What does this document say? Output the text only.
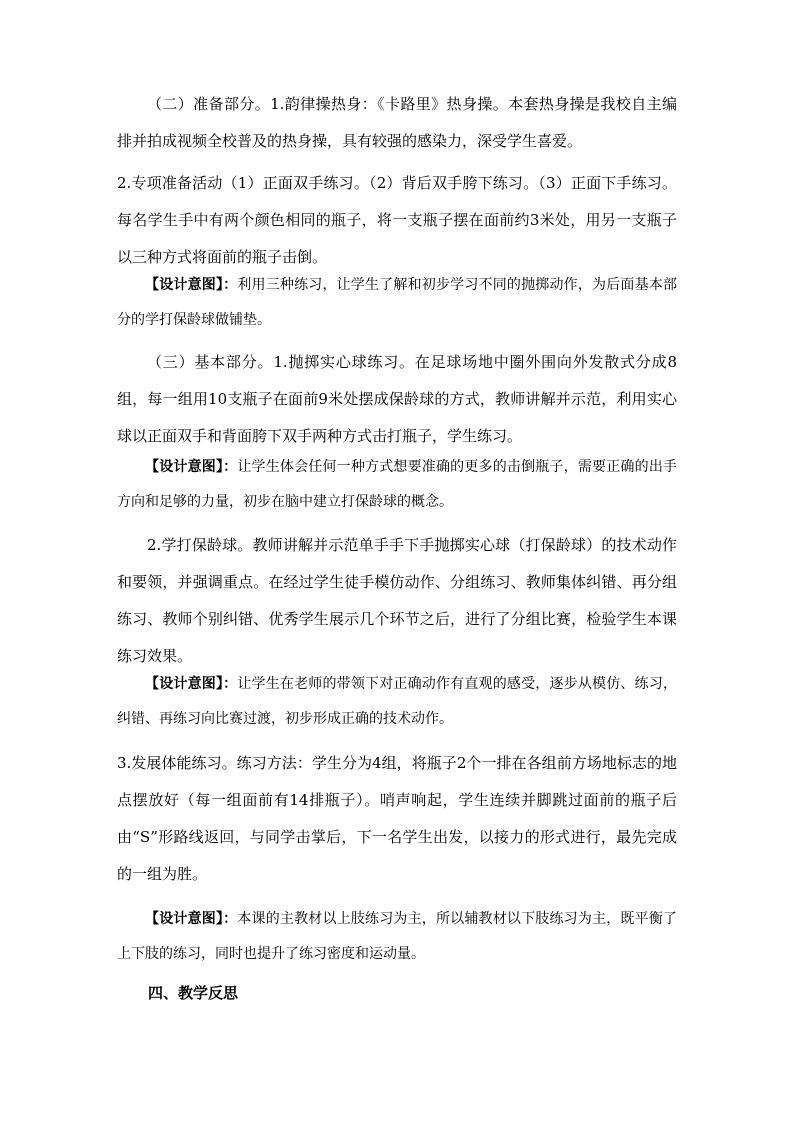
（二）准备部分。1.韵律操热身：《卡路里》热身操。本套热身操是我校自主编排并拍成视频全校普及的热身操，具有较强的感染力，深受学生喜爱。

2.专项准备活动（1）正面双手练习。（2）背后双手胯下练习。（3）正面下手练习。每名学生手中有两个颜色相同的瓶子，将一支瓶子摆在面前约3米处，用另一支瓶子以三种方式将面前的瓶子击倒。

【设计意图】：利用三种练习，让学生了解和初步学习不同的抛掷动作，为后面基本部分的学打保龄球做铺垫。

（三）基本部分。1.抛掷实心球练习。在足球场地中圈外围向外发散式分成8组，每一组用10支瓶子在面前9米处摆成保龄球的方式，教师讲解并示范，利用实心球以正面双手和背面胯下双手两种方式击打瓶子，学生练习。

【设计意图】：让学生体会任何一种方式想要准确的更多的击倒瓶子，需要正确的出手方向和足够的力量，初步在脑中建立打保龄球的概念。

2.学打保龄球。教师讲解并示范单手手下手抛掷实心球（打保龄球）的技术动作和要领，并强调重点。在经过学生徒手模仿动作、分组练习、教师集体纠错、再分组练习、教师个别纠错、优秀学生展示几个环节之后，进行了分组比赛，检验学生本课练习效果。

【设计意图】：让学生在老师的带领下对正确动作有直观的感受，逐步从模仿、练习，纠错、再练习向比赛过渡，初步形成正确的技术动作。

3.发展体能练习。练习方法：学生分为4组，将瓶子2个一排在各组前方场地标志的地点摆放好（每一组面前有14排瓶子）。哨声响起，学生连续并脚跳过面前的瓶子后由“S”形路线返回，与同学击掌后，下一名学生出发，以接力的形式进行，最先完成的一组为胜。

【设计意图】：本课的主教材以上肢练习为主，所以辅教材以下肢练习为主，既平衡了上下肢的练习，同时也提升了练习密度和运动量。

四、教学反思
